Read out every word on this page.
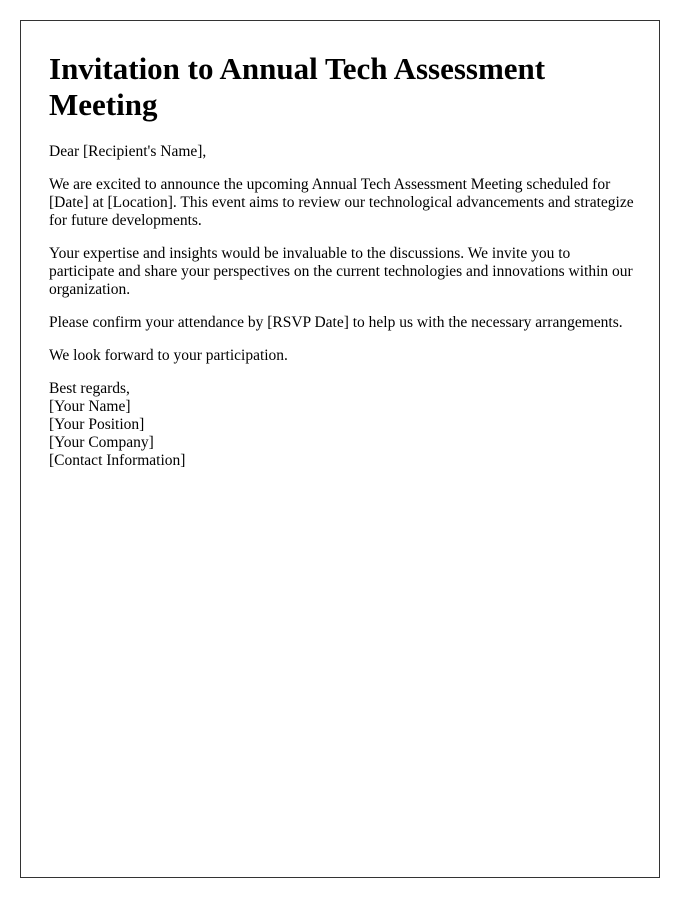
Invitation to Annual Tech Assessment Meeting

Dear [Recipient's Name],

We are excited to announce the upcoming Annual Tech Assessment Meeting scheduled for [Date] at [Location]. This event aims to review our technological advancements and strategize for future developments.

Your expertise and insights would be invaluable to the discussions. We invite you to participate and share your perspectives on the current technologies and innovations within our organization.

Please confirm your attendance by [RSVP Date] to help us with the necessary arrangements.

We look forward to your participation.

Best regards,
[Your Name]
[Your Position]
[Your Company]
[Contact Information]
